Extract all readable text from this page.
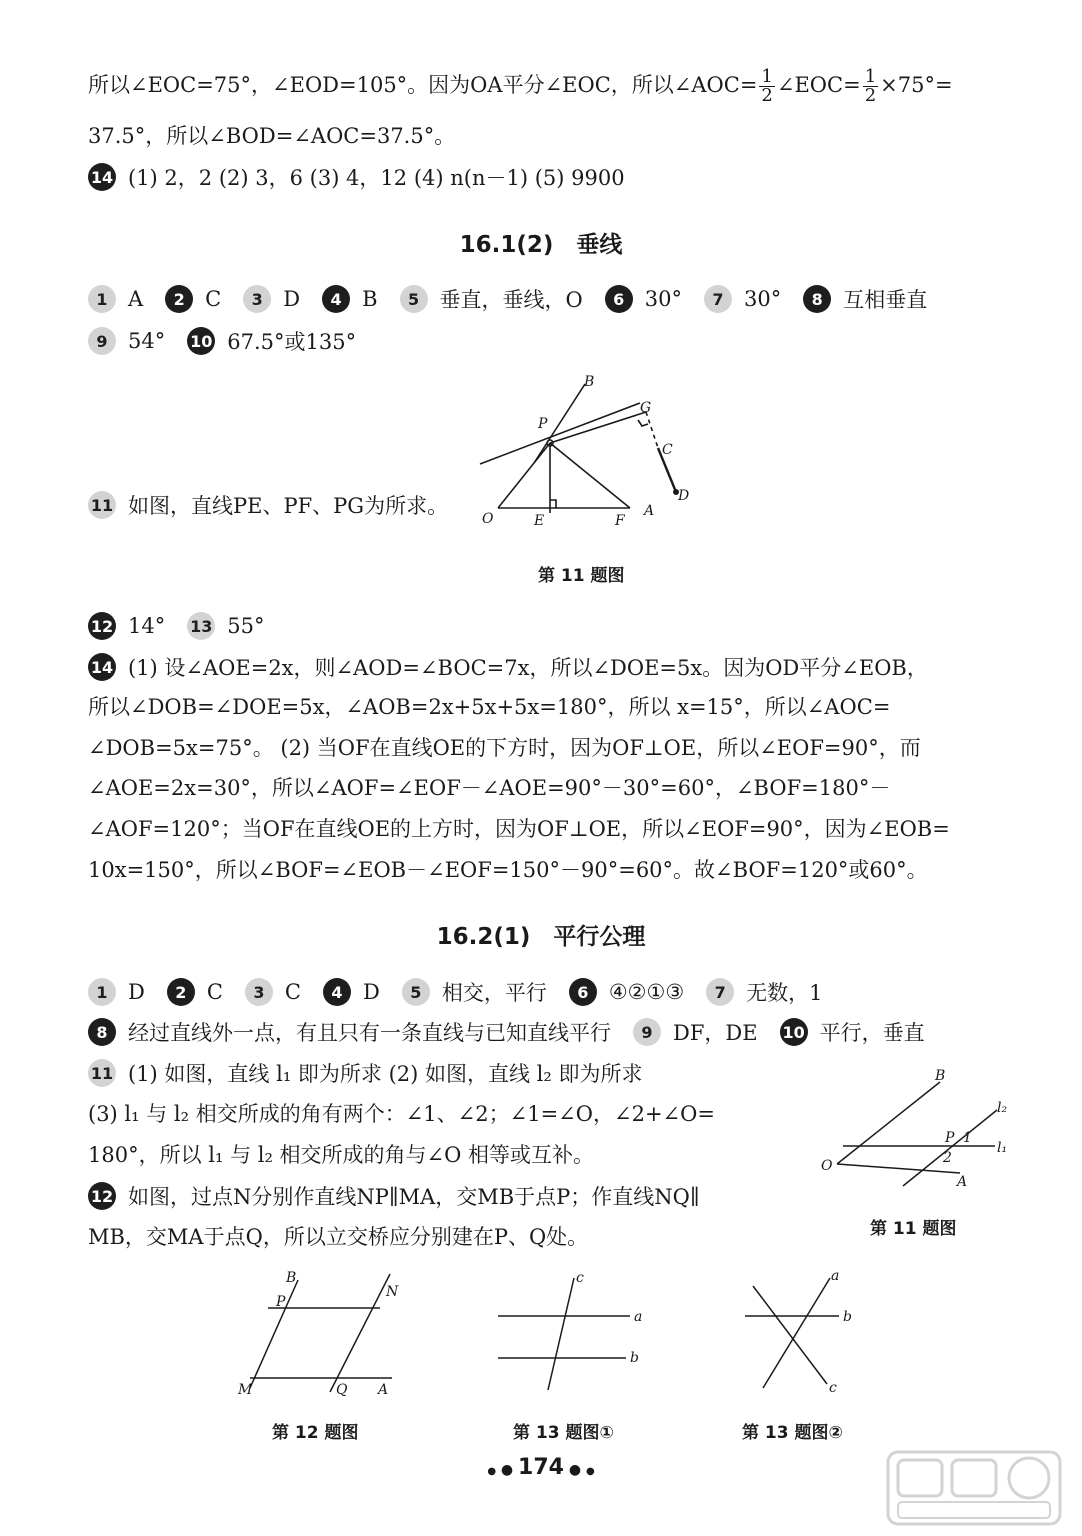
所以∠EOC=75°，∠EOD=105°。因为OA平分∠EOC，所以∠AOC= $\frac{1}{2}$ ∠EOC= $\frac{1}{2} \times 75^\circ=$
37.5°，所以∠BOD=∠AOC=37.5°。
14 (1) 2，2 (2) 3，6 (3) 4，12 (4) n(n－1) (5) 9900
16.1(2)　垂线
1 A	2 C	3 D	4 B	5 垂直，垂线，O	6 30°	7 30°	8 互相垂直
9 54° 10 67.5°或135°
11 如图，直线PE、PF、PG为所求。
B
G
P
C
D
O	E	F
A
第 11 题图
12 14° 13 55°
14 (1) 设∠AOE=2x，则∠AOD=∠BOC=7x，所以∠DOE=5x。因为OD平分∠EOB，
所以∠DOB=∠DOE=5x，∠AOB=2x+5x+5x=180°，所以 x=15°，所以∠AOC=
∠DOB=5x=75°。 (2) 当OF在直线OE的下方时，因为OF⊥OE，所以∠EOF=90°，而
∠AOE=2x=30°，所以∠AOF=∠EOF－∠AOE=90°－30°=60°，∠BOF=180°－
∠AOF=120°；当OF在直线OE的上方时，因为OF⊥OE，所以∠EOF=90°，因为∠EOB=
10x=150°，所以∠BOF=∠EOB－∠EOF=150°－90°=60°。故∠BOF=120°或60°。
16.2(1)　平行公理
1 D	2 C	3 C	4 D	5 相交，平行	6 ④②①③	7 无数，1
8 经过直线外一点，有且只有一条直线与已知直线平行	9 DF，DE 10 平行，垂直
11 (1) 如图，直线 l₁ 即为所求 (2) 如图，直线 l₂ 即为所求
(3) l₁ 与 l₂ 相交所成的角有两个：∠1、∠2；∠1=∠O，∠2+∠O=
180°，所以 l₁ 与 l₂ 相交所成的角与∠O 相等或互补。
12 如图，过点N分别作直线NP∥MA，交MB于点P；作直线NQ∥
MB，交MA于点Q，所以立交桥应分别建在P、Q处。
B
l₂
P 1
l₁
O	2
A
第 11 题图
B
P
N
M	Q A
第 12 题图
c
a
b
第 13 题图①
a
b
c
第 13 题图②
● ● 174 ● ●
